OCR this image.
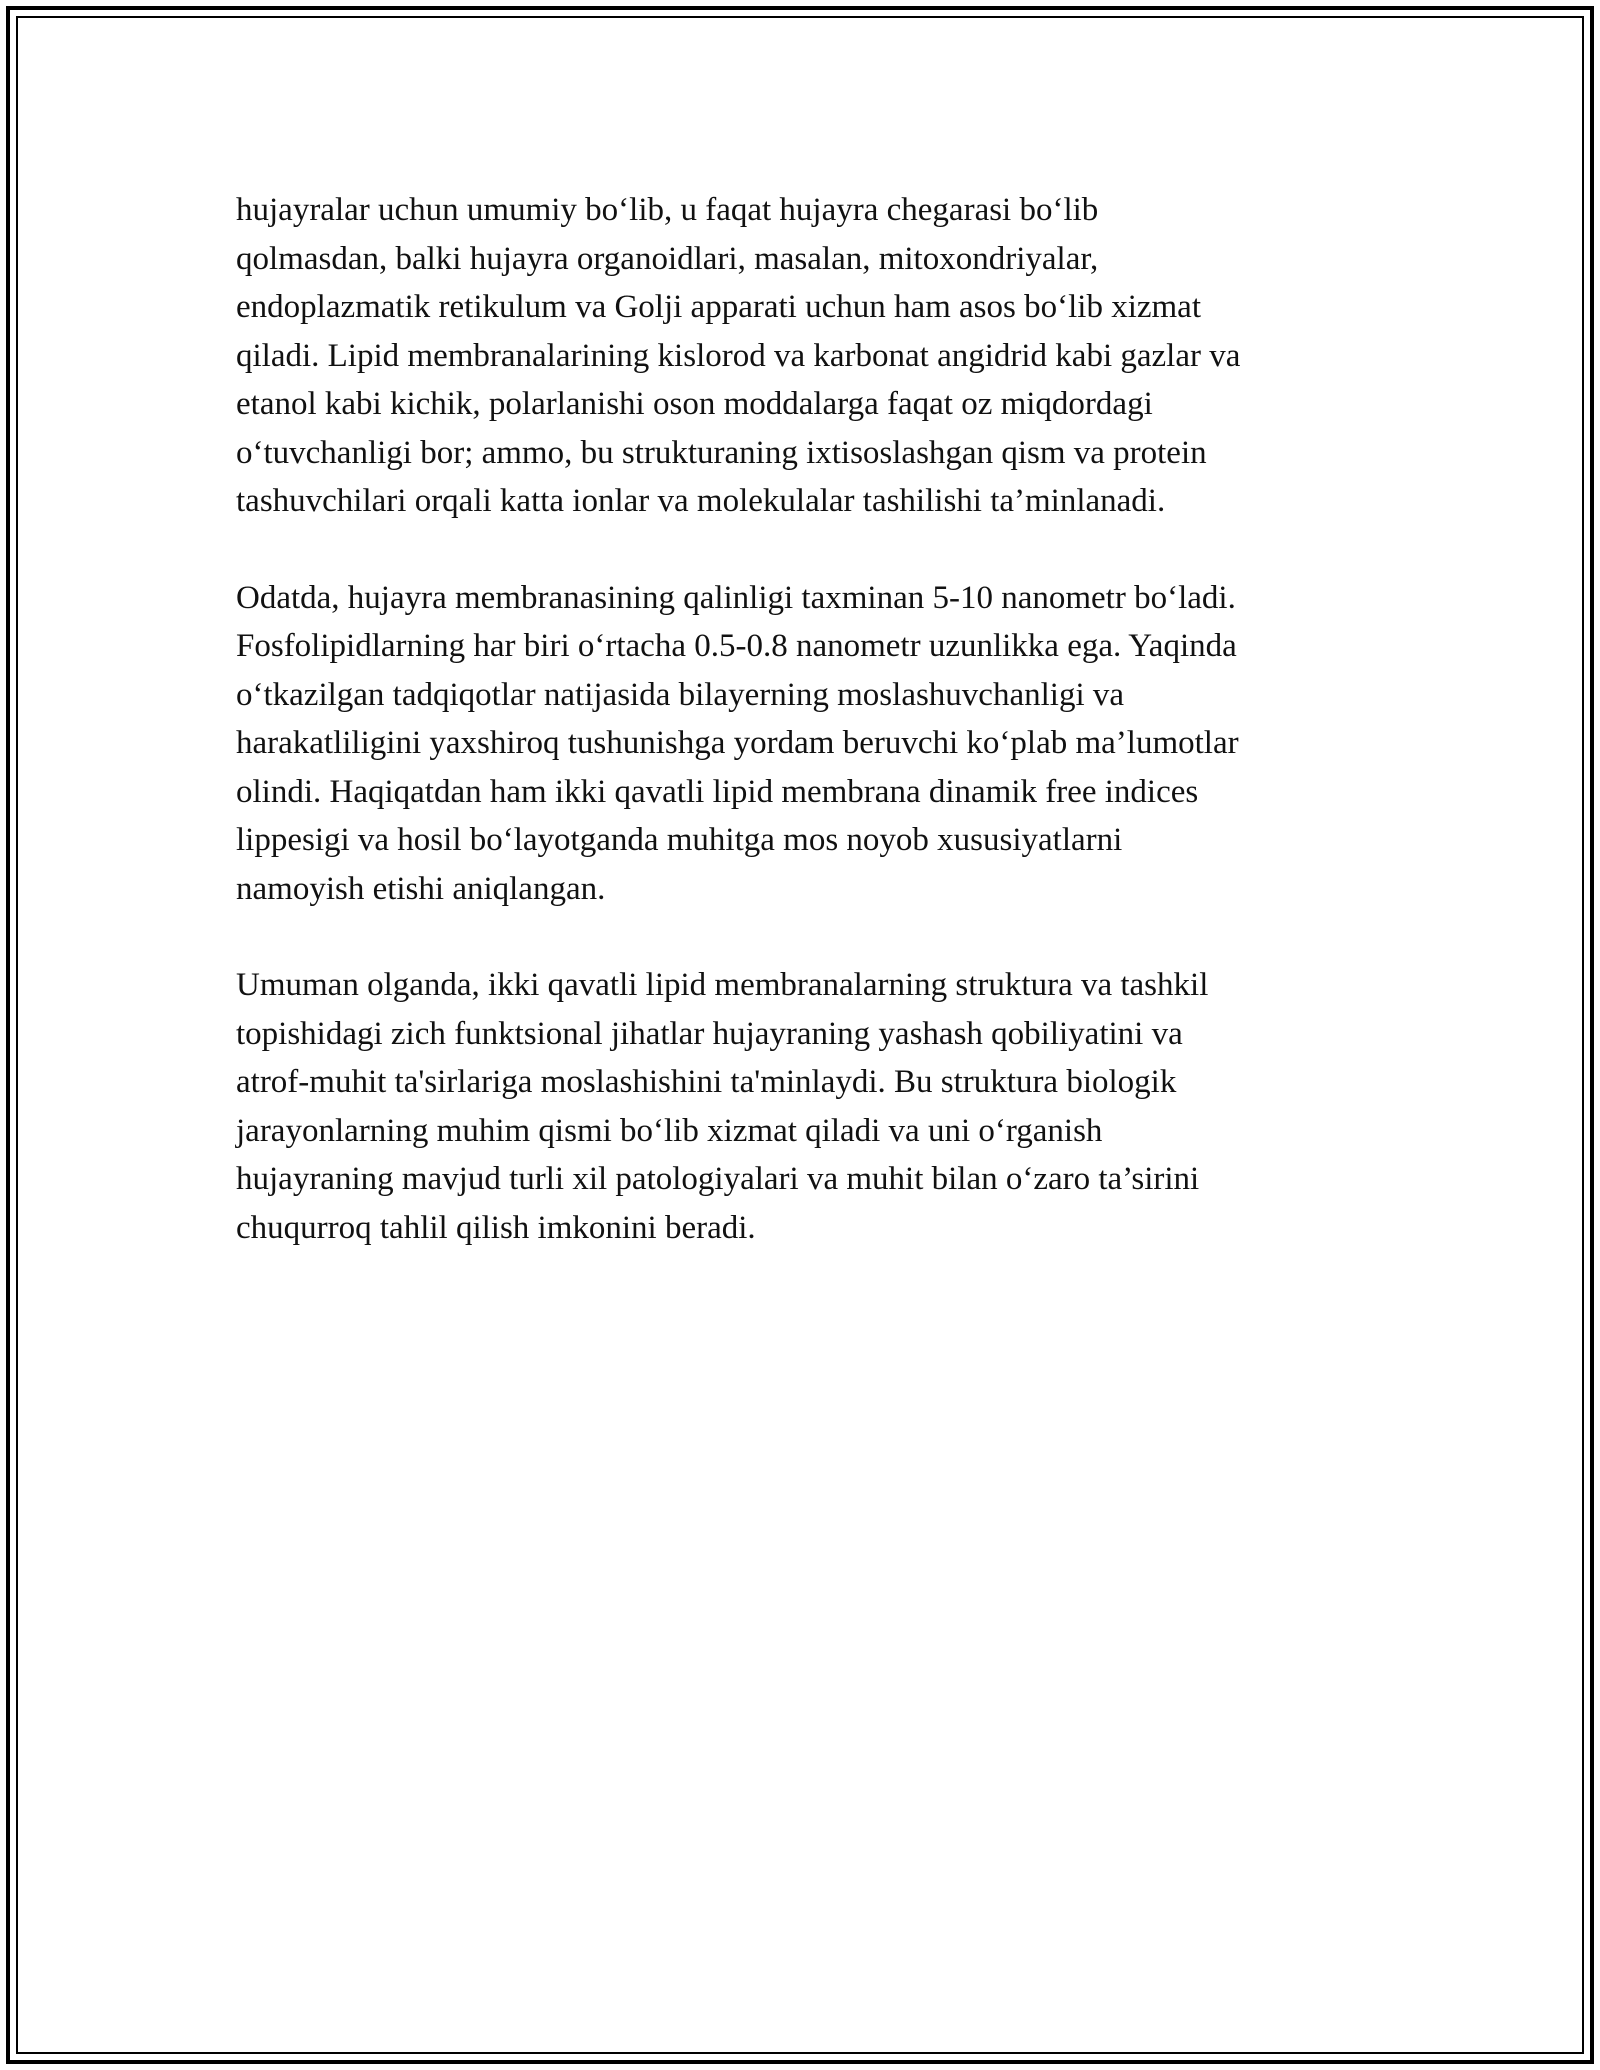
hujayralar uchun umumiy bo‘lib, u faqat hujayra chegarasi bo‘lib
qolmasdan, balki hujayra organoidlari, masalan, mitoxondriyalar,
endoplazmatik retikulum va Golji apparati uchun ham asos bo‘lib xizmat
qiladi. Lipid membranalarining kislorod va karbonat angidrid kabi gazlar va
etanol kabi kichik, polarlanishi oson moddalarga faqat oz miqdordagi
o‘tuvchanligi bor; ammo, bu strukturaning ixtisoslashgan qism va protein
tashuvchilari orqali katta ionlar va molekulalar tashilishi ta’minlanadi.

Odatda, hujayra membranasining qalinligi taxminan 5-10 nanometr bo‘ladi.
Fosfolipidlarning har biri o‘rtacha 0.5-0.8 nanometr uzunlikka ega. Yaqinda
o‘tkazilgan tadqiqotlar natijasida bilayerning moslashuvchanligi va
harakatliligini yaxshiroq tushunishga yordam beruvchi ko‘plab ma’lumotlar
olindi. Haqiqatdan ham ikki qavatli lipid membrana dinamik free indices
lippesigi va hosil bo‘layotganda muhitga mos noyob xususiyatlarni
namoyish etishi aniqlangan.

Umuman olganda, ikki qavatli lipid membranalarning struktura va tashkil
topishidagi zich funktsional jihatlar hujayraning yashash qobiliyatini va
atrof-muhit ta'sirlariga moslashishini ta'minlaydi. Bu struktura biologik
jarayonlarning muhim qismi bo‘lib xizmat qiladi va uni o‘rganish
hujayraning mavjud turli xil patologiyalari va muhit bilan o‘zaro ta’sirini
chuqurroq tahlil qilish imkonini beradi.
